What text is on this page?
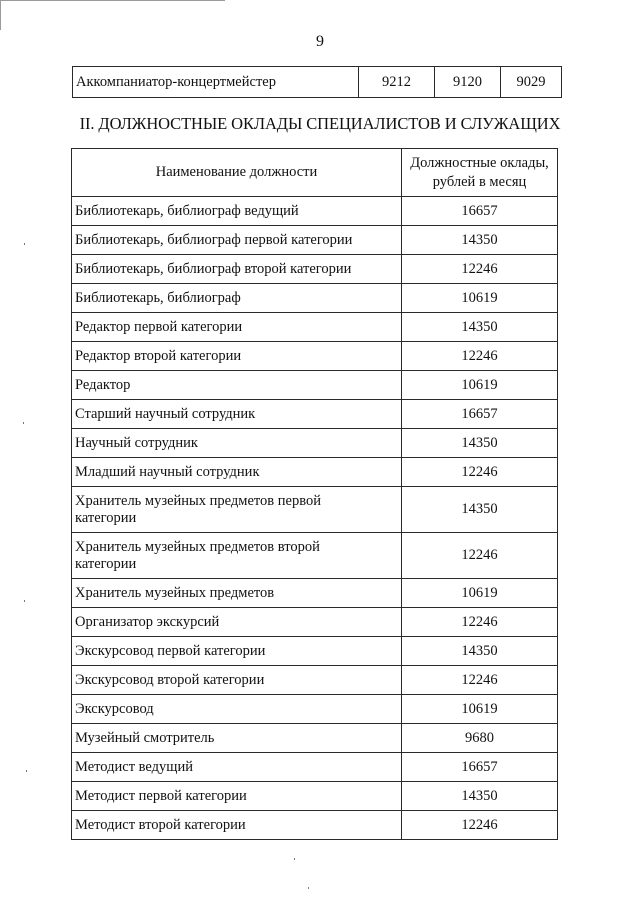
9
Аккомпаниатор-концертмейстер	9212	9120	9029
II. ДОЛЖНОСТНЫЕ ОКЛАДЫ СПЕЦИАЛИСТОВ И СЛУЖАЩИХ
Наименование должности	Должностные оклады, рублей в месяц
Библиотекарь, библиограф ведущий	16657
Библиотекарь, библиограф первой категории	14350
Библиотекарь, библиограф второй категории	12246
Библиотекарь, библиограф	10619
Редактор первой категории	14350
Редактор второй категории	12246
Редактор	10619
Старший научный сотрудник	16657
Научный сотрудник	14350
Младший научный сотрудник	12246
Хранитель музейных предметов первой категории	14350
Хранитель музейных предметов второй категории	12246
Хранитель музейных предметов	10619
Организатор экскурсий	12246
Экскурсовод первой категории	14350
Экскурсовод второй категории	12246
Экскурсовод	10619
Музейный смотритель	9680
Методист ведущий	16657
Методист первой категории	14350
Методист второй категории	12246
